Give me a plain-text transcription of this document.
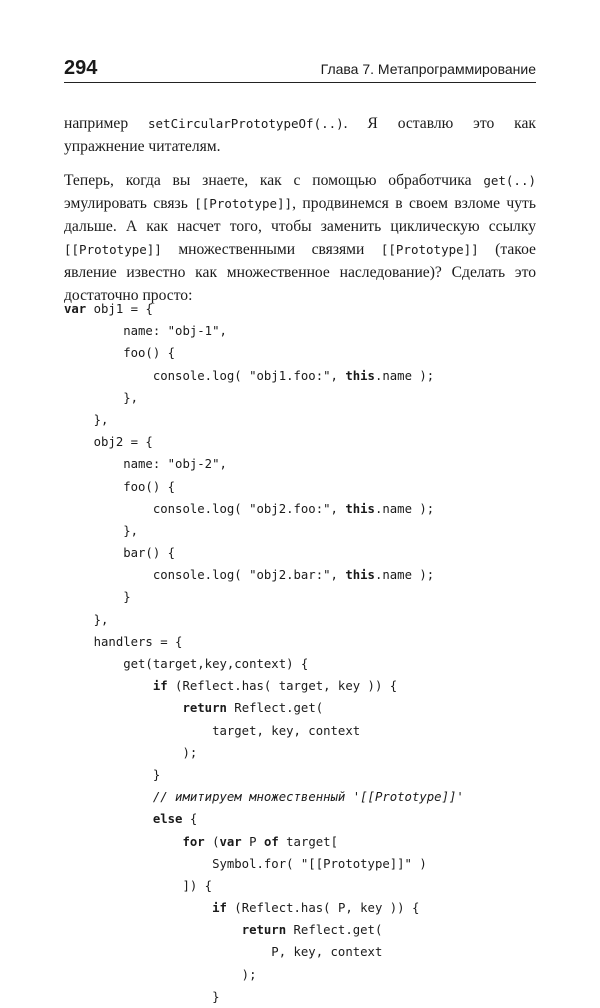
294	Глава 7. Метапрограммирование

например setCircularPrototypeOf(..). Я оставлю это как упражнение читателям.

Теперь, когда вы знаете, как с помощью обработчика get(..) эмулировать связь [[Prototype]], продвинемся в своем взломе чуть дальше. А как насчет того, чтобы заменить циклическую ссылку [[Prototype]] множественными связями [[Prototype]] (такое явление известно как множественное наследование)? Сделать это достаточно просто:

var obj1 = {
name: "obj-1",
foo() {
console.log( "obj1.foo:", this.name );
},
},
obj2 = {
name: "obj-2",
foo() {
console.log( "obj2.foo:", this.name );
},
bar() {
console.log( "obj2.bar:", this.name );
}
},
handlers = {
get(target,key,context) {
if (Reflect.has( target, key )) {
return Reflect.get(
target, key, context
);
}
// имитируем множественный '[[Prototype]]'
else {
for (var P of target[
Symbol.for( "[[Prototype]]" )
]) {
if (Reflect.has( P, key )) {
return Reflect.get(
P, key, context
);
}
